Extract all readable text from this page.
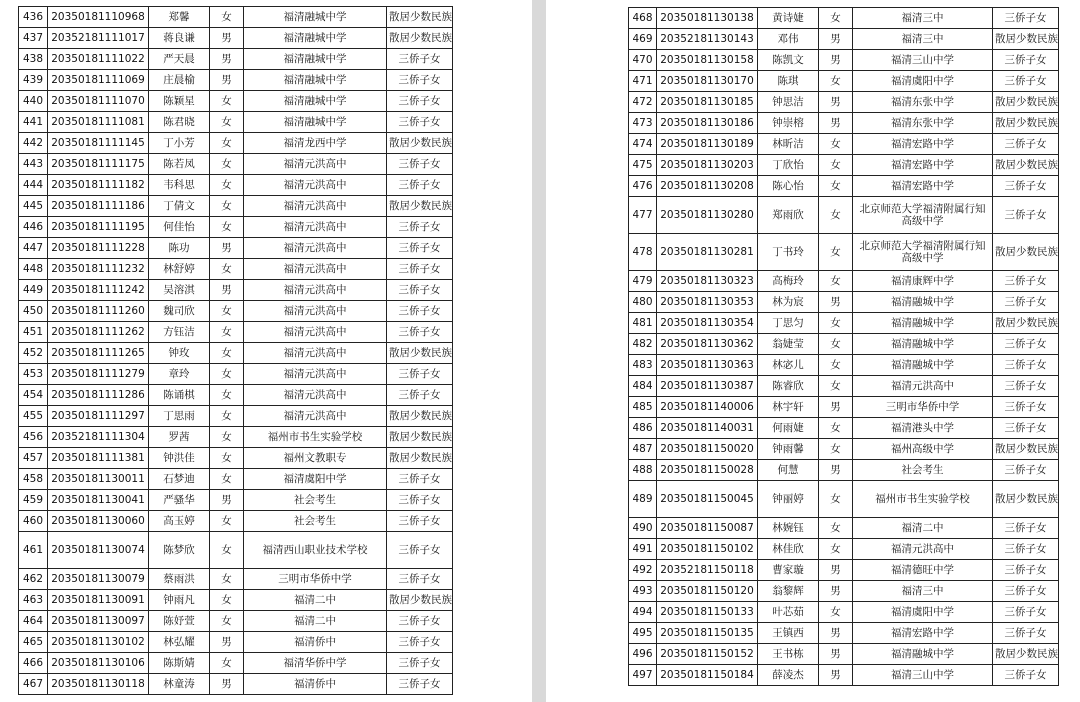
436	20350181110968	郑馨	女	福清融城中学	散居少数民族
437	20352181111017	蒋良谦	男	福清融城中学	散居少数民族
438	20350181111022	严天晨	男	福清融城中学	三侨子女
439	20350181111069	庄晨榆	男	福清融城中学	三侨子女
440	20350181111070	陈颖星	女	福清融城中学	三侨子女
441	20350181111081	陈君晓	女	福清融城中学	三侨子女
442	20350181111145	丁小芳	女	福清龙西中学	散居少数民族
443	20350181111175	陈若凤	女	福清元洪高中	三侨子女
444	20350181111182	韦科思	女	福清元洪高中	三侨子女
445	20350181111186	丁倩文	女	福清元洪高中	散居少数民族
446	20350181111195	何佳怡	女	福清元洪高中	三侨子女
447	20350181111228	陈功	男	福清元洪高中	三侨子女
448	20350181111232	林舒婷	女	福清元洪高中	三侨子女
449	20350181111242	吴溶淇	男	福清元洪高中	三侨子女
450	20350181111260	魏司欣	女	福清元洪高中	三侨子女
451	20350181111262	方钰洁	女	福清元洪高中	三侨子女
452	20350181111265	钟玫	女	福清元洪高中	散居少数民族
453	20350181111279	章玲	女	福清元洪高中	三侨子女
454	20350181111286	陈诵棋	女	福清元洪高中	三侨子女
455	20350181111297	丁思雨	女	福清元洪高中	散居少数民族
456	20352181111304	罗茜	女	福州市书生实验学校	散居少数民族
457	20350181111381	钟洪佳	女	福州文教职专	散居少数民族
458	20350181130011	石梦迪	女	福清虞阳中学	三侨子女
459	20350181130041	严骚华	男	社会考生	三侨子女
460	20350181130060	高玉婷	女	社会考生	三侨子女
461	20350181130074	陈梦欣	女	福清西山职业技术学校	三侨子女
462	20350181130079	蔡雨洪	女	三明市华侨中学	三侨子女
463	20350181130091	钟雨凡	女	福清二中	散居少数民族
464	20350181130097	陈妤萱	女	福清二中	三侨子女
465	20350181130102	林弘耀	男	福清侨中	三侨子女
466	20350181130106	陈斯婧	女	福清华侨中学	三侨子女
467	20350181130118	林童涛	男	福清侨中	三侨子女
468	20350181130138	黄诗婕	女	福清三中	三侨子女
469	20352181130143	邓伟	男	福清三中	散居少数民族
470	20350181130158	陈凯文	男	福清三山中学	三侨子女
471	20350181130170	陈琪	女	福清虞阳中学	三侨子女
472	20350181130185	钟思洁	男	福清东张中学	散居少数民族
473	20350181130186	钟崇榕	男	福清东张中学	散居少数民族
474	20350181130189	林昕洁	女	福清宏路中学	三侨子女
475	20350181130203	丁欣怡	女	福清宏路中学	散居少数民族
476	20350181130208	陈心怡	女	福清宏路中学	三侨子女
477	20350181130280	郑雨欣	女	北京师范大学福清附属行知高级中学	三侨子女
478	20350181130281	丁书玲	女	北京师范大学福清附属行知高级中学	散居少数民族
479	20350181130323	高梅玲	女	福清康辉中学	三侨子女
480	20350181130353	林为宸	男	福清融城中学	三侨子女
481	20350181130354	丁思匀	女	福清融城中学	散居少数民族
482	20350181130362	翁婕莹	女	福清融城中学	三侨子女
483	20350181130363	林宓儿	女	福清融城中学	三侨子女
484	20350181130387	陈睿欣	女	福清元洪高中	三侨子女
485	20350181140006	林宇轩	男	三明市华侨中学	三侨子女
486	20350181140031	何雨婕	女	福清港头中学	三侨子女
487	20350181150020	钟雨馨	女	福州高级中学	散居少数民族
488	20350181150028	何慧	男	社会考生	三侨子女
489	20350181150045	钟丽婷	女	福州市书生实验学校	散居少数民族
490	20350181150087	林婉钰	女	福清二中	三侨子女
491	20350181150102	林佳欣	女	福清元洪高中	三侨子女
492	20352181150118	曹家璇	男	福清德旺中学	三侨子女
493	20350181150120	翁黎辉	男	福清三中	三侨子女
494	20350181150133	叶芯茹	女	福清虞阳中学	三侨子女
495	20350181150135	王镇西	男	福清宏路中学	三侨子女
496	20350181150152	王书栋	男	福清融城中学	散居少数民族
497	20350181150184	薛凌杰	男	福清三山中学	三侨子女
